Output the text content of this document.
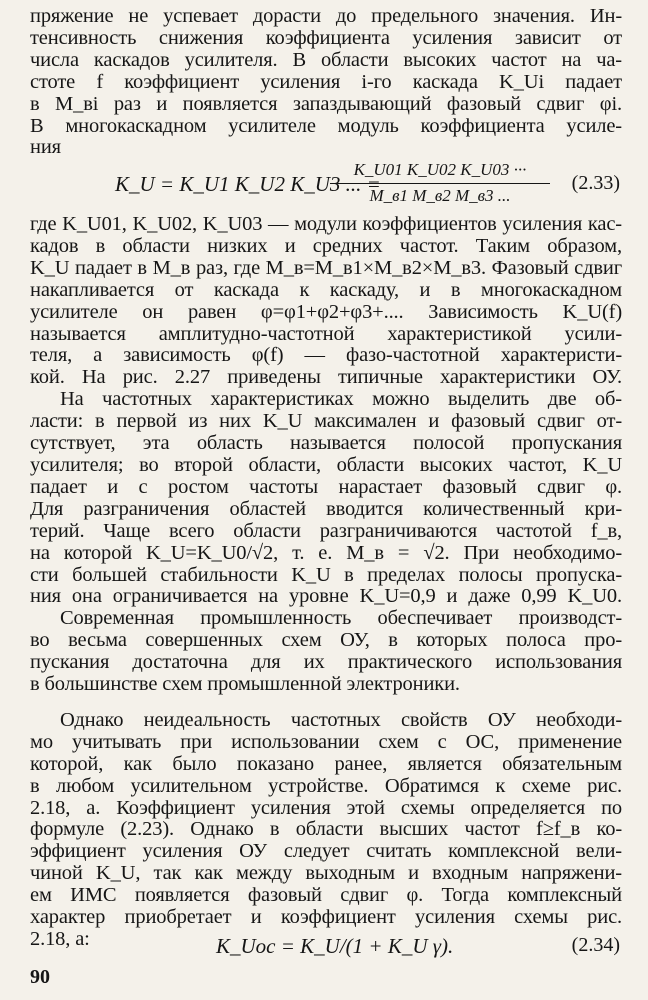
пряжение не успевает дорасти до предельного значения. Ин-
тенсивность снижения коэффициента усиления зависит от
числа каскадов усилителя. В области высоких частот на ча-
стоте f коэффициент усиления i-го каскада K_Ui падает
в M_вi раз и появляется запаздывающий фазовый сдвиг φi.
В многокаскадном усилителе модуль коэффициента усиле-
ния
K_U = K_U1 K_U2 K_U3 ... =
K_U01 K_U02 K_U03 ···
M_в1 M_в2 M_в3 ...
(2.33)
где K_U01, K_U02, K_U03 — модули коэффициентов усиления кас-
кадов в области низких и средних частот. Таким образом,
K_U падает в M_в раз, где M_в=M_в1×M_в2×M_в3. Фазовый сдвиг
накапливается от каскада к каскаду, и в многокаскадном
усилителе он равен φ=φ1+φ2+φ3+.... Зависимость K_U(f)
называется амплитудно-частотной характеристикой усили-
теля, а зависимость φ(f) — фазо-частотной характеристи-
кой. На рис. 2.27 приведены типичные характеристики ОУ.
На частотных характеристиках можно выделить две об-
ласти: в первой из них K_U максимален и фазовый сдвиг от-
сутствует, эта область называется полосой пропускания
усилителя; во второй области, области высоких частот, K_U
падает и с ростом частоты нарастает фазовый сдвиг φ.
Для разграничения областей вводится количественный кри-
терий. Чаще всего области разграничиваются частотой f_в,
на которой K_U=K_U0/√2, т. е. M_в = √2. При необходимо-
сти большей стабильности K_U в пределах полосы пропуска-
ния она ограничивается на уровне K_U=0,9 и даже 0,99 K_U0.
Современная промышленность обеспечивает производст-
во весьма совершенных схем ОУ, в которых полоса про-
пускания достаточна для их практического использования
в большинстве схем промышленной электроники.
Однако неидеальность частотных свойств ОУ необходи-
мо учитывать при использовании схем с ОС, применение
которой, как было показано ранее, является обязательным
в любом усилительном устройстве. Обратимся к схеме рис.
2.18, а. Коэффициент усиления этой схемы определяется по
формуле (2.23). Однако в области высших частот f≥f_в ко-
эффициент усиления ОУ следует считать комплексной вели-
чиной K_U, так как между выходным и входным напряжени-
ем ИМС появляется фазовый сдвиг φ. Тогда комплексный
характер приобретает и коэффициент усиления схемы рис.
2.18, а:	K_Uос = K_U/(1 + K_U γ).	(2.34)
90
